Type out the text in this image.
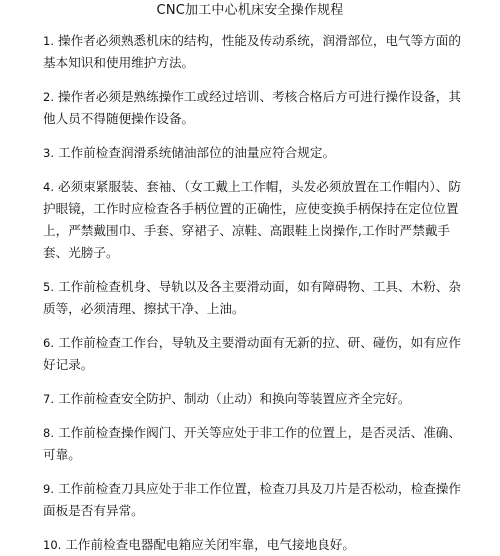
CNC加工中心机床安全操作规程

1. 操作者必须熟悉机床的结构，性能及传动系统，润滑部位，电气等方面的基本知识和使用维护方法。

2. 操作者必须是熟练操作工或经过培训、考核合格后方可进行操作设备，其他人员不得随便操作设备。

3. 工作前检查润滑系统储油部位的油量应符合规定。

4. 必须束紧服装、套袖、（女工戴上工作帽，头发必须放置在工作帽内）、防护眼镜，工作时应检查各手柄位置的正确性，应使变换手柄保持在定位位置上，严禁戴围巾、手套、穿裙子、凉鞋、高跟鞋上岗操作,工作时严禁戴手套、光膀子。

5. 工作前检查机身、导轨以及各主要滑动面，如有障碍物、工具、木粉、杂质等，必须清理、擦拭干净、上油。

6. 工作前检查工作台，导轨及主要滑动面有无新的拉、研、碰伤，如有应作好记录。

7. 工作前检查安全防护、制动（止动）和换向等装置应齐全完好。

8. 工作前检查操作阀门、开关等应处于非工作的位置上，是否灵活、准确、可靠。

9. 工作前检查刀具应处于非工作位置，检查刀具及刀片是否松动，检查操作面板是否有异常。

10. 工作前检查电器配电箱应关闭牢靠，电气接地良好。
